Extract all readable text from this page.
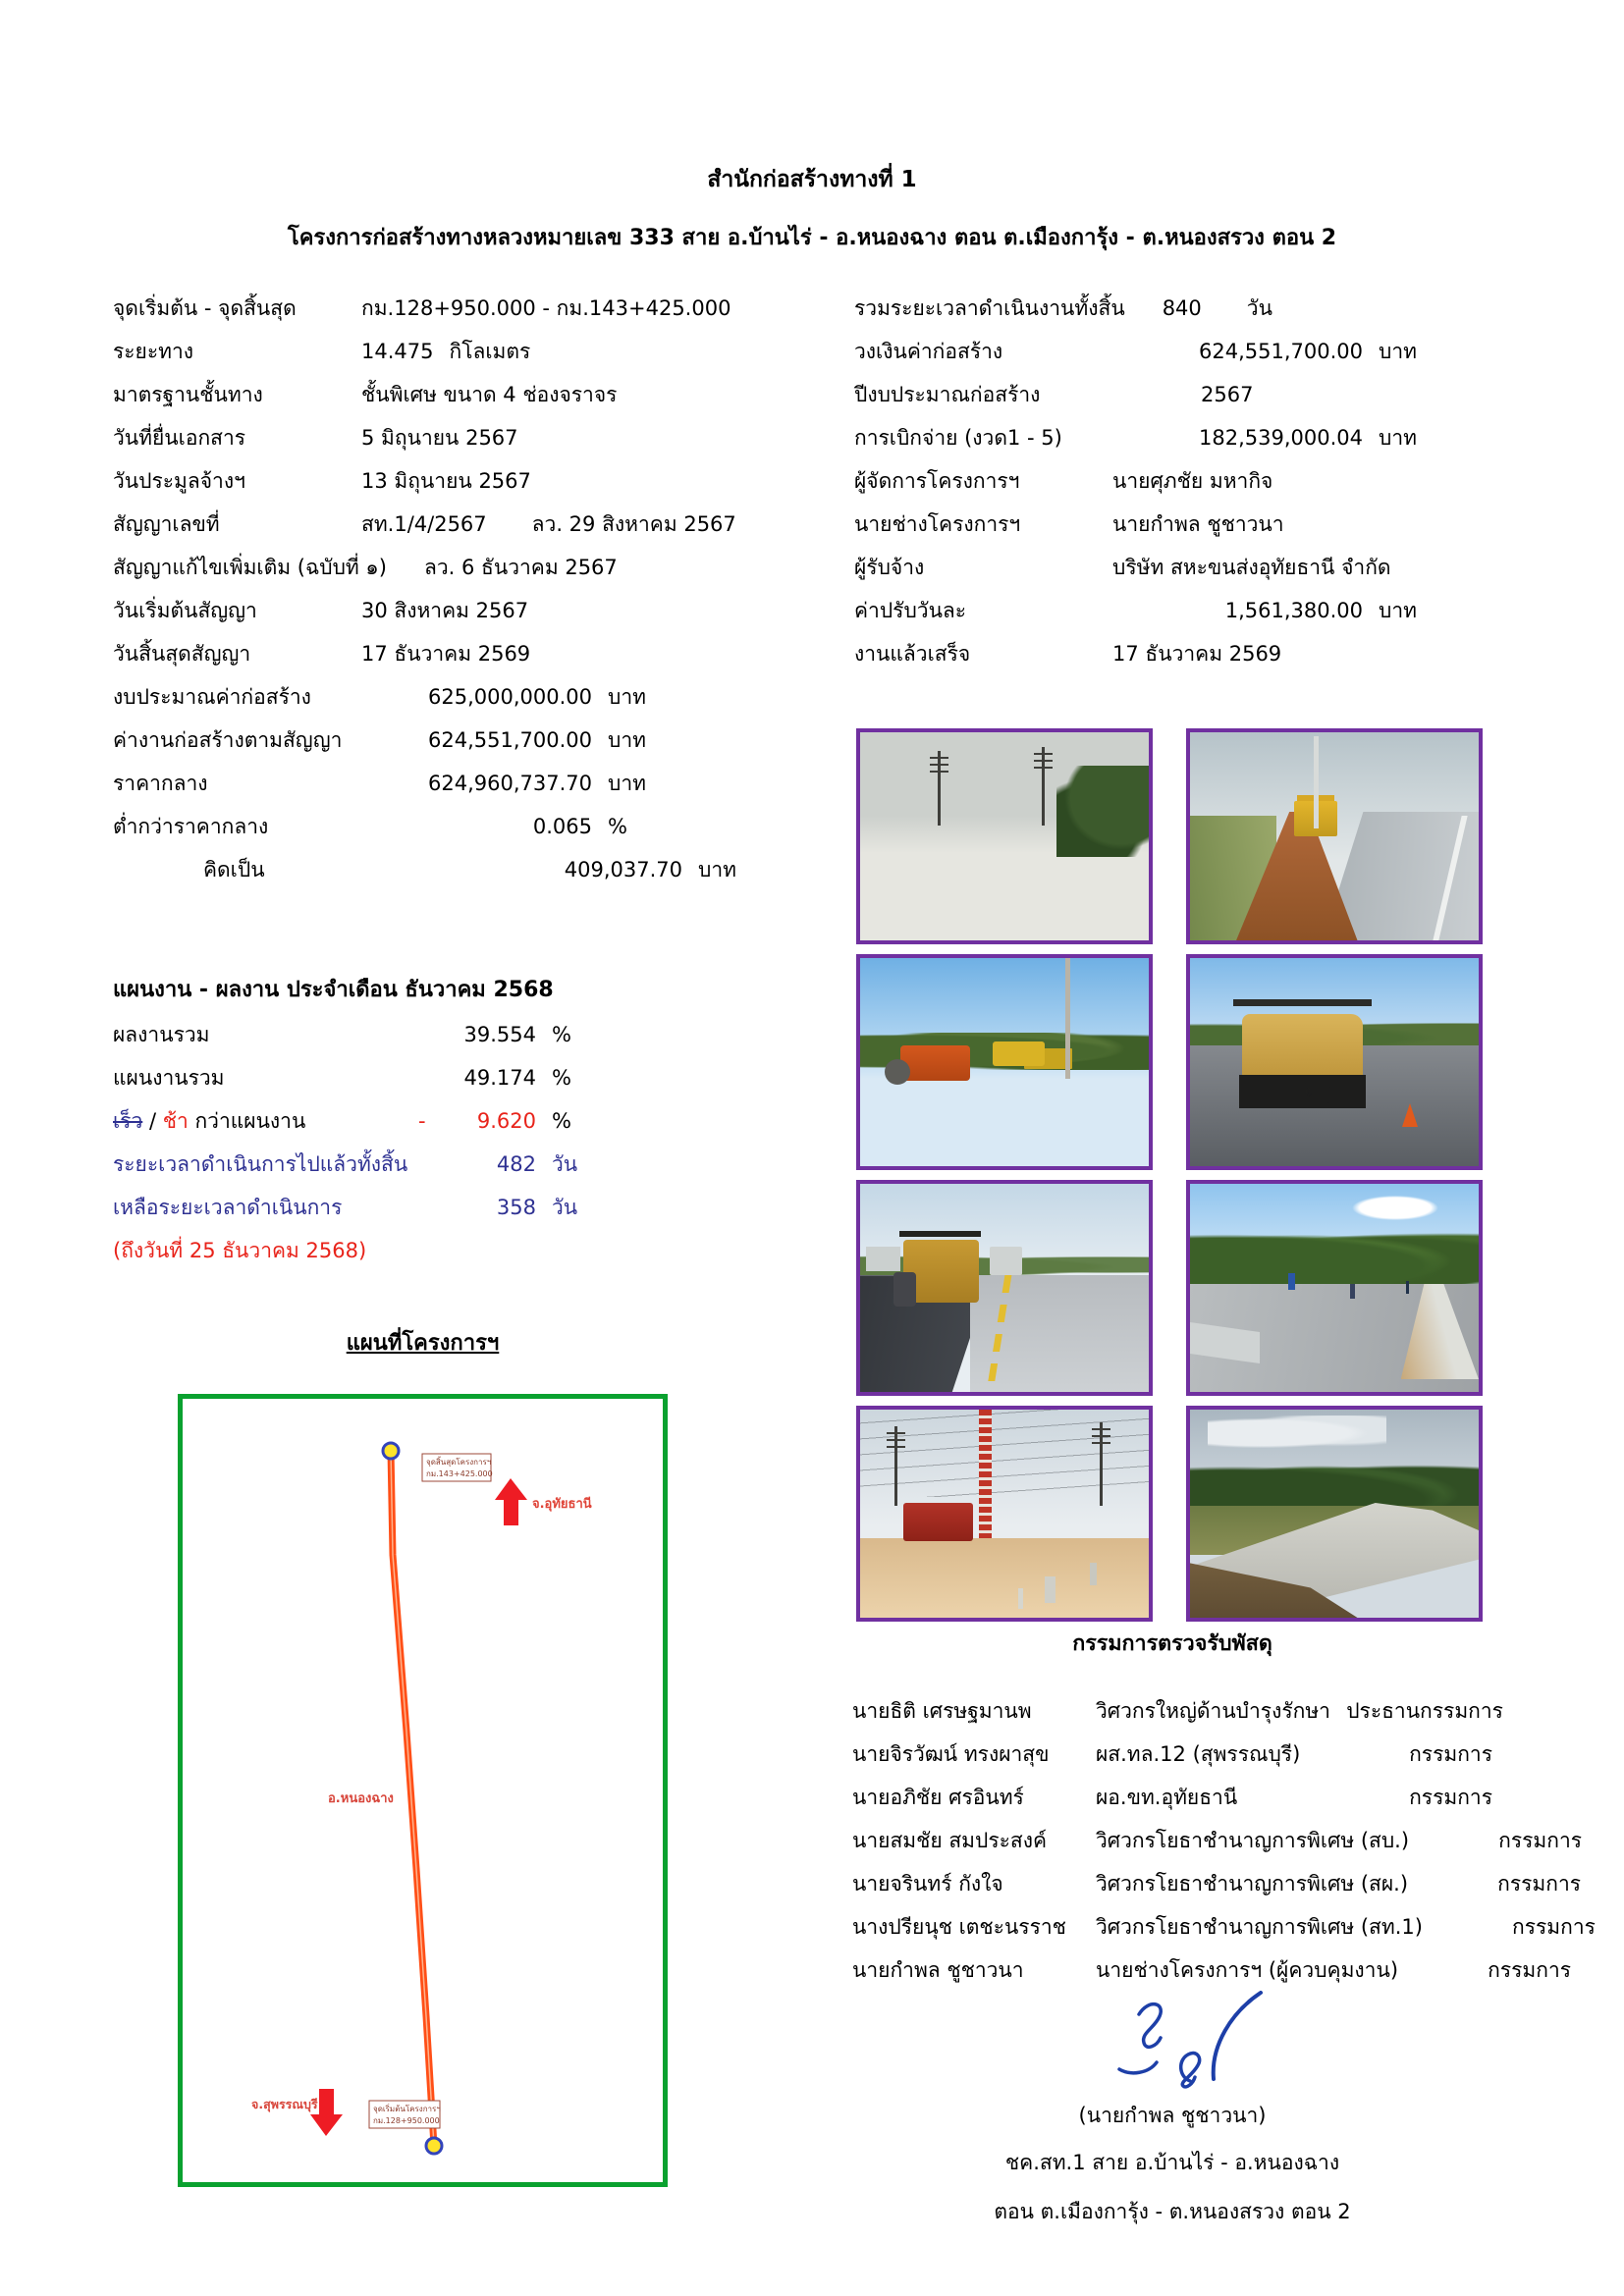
สำนักก่อสร้างทางที่ 1
โครงการก่อสร้างทางหลวงหมายเลข 333 สาย อ.บ้านไร่ - อ.หนองฉาง ตอน ต.เมืองการุ้ง - ต.หนองสรวง ตอน 2
จุดเริ่มต้น - จุดสิ้นสุด	กม.128+950.000 - กม.143+425.000
ระยะทาง	14.475 กิโลเมตร
มาตรฐานชั้นทาง	ชั้นพิเศษ ขนาด 4 ช่องจราจร
วันที่ยื่นเอกสาร	5 มิถุนายน 2567
วันประมูลจ้างฯ	13 มิถุนายน 2567
สัญญาเลขที่	สท.1/4/2567 ลว. 29 สิงหาคม 2567
สัญญาแก้ไขเพิ่มเติม (ฉบับที่ ๑)	ลว. 6 ธันวาคม 2567
วันเริ่มต้นสัญญา	30 สิงหาคม 2567
วันสิ้นสุดสัญญา	17 ธันวาคม 2569
งบประมาณค่าก่อสร้าง	625,000,000.00 บาท
ค่างานก่อสร้างตามสัญญา	624,551,700.00 บาท
ราคากลาง	624,960,737.70 บาท
ต่ำกว่าราคากลาง	0.065 %
คิดเป็น	409,037.70 บาท
รวมระยะเวลาดำเนินงานทั้งสิ้น	840 วัน
วงเงินค่าก่อสร้าง	624,551,700.00 บาท
ปีงบประมาณก่อสร้าง	2567
การเบิกจ่าย (งวด1 - 5)	182,539,000.04 บาท
ผู้จัดการโครงการฯ	นายศุภชัย มหากิจ
นายช่างโครงการฯ	นายกำพล ชูชาวนา
ผู้รับจ้าง	บริษัท สหะขนส่งอุทัยธานี จำกัด
ค่าปรับวันละ	1,561,380.00 บาท
งานแล้วเสร็จ	17 ธันวาคม 2569
แผนงาน - ผลงาน ประจำเดือน ธันวาคม 2568
ผลงานรวม	39.554 %
แผนงานรวม	49.174 %
เร็ว / ช้า กว่าแผนงาน	- 9.620 %
ระยะเวลาดำเนินการไปแล้วทั้งสิ้น	482 วัน
เหลือระยะเวลาดำเนินการ	358 วัน
(ถึงวันที่ 25 ธันวาคม 2568)
แผนที่โครงการฯ
จุดสิ้นสุดโครงการฯ
กม.143+425.000
จุดเริ่มต้นโครงการฯ
กม.128+950.000
จ.อุทัยธานี
อ.หนองฉาง
จ.สุพรรณบุรี
กรรมการตรวจรับพัสดุ
นายธิติ เศรษฐมานพ	วิศวกรใหญ่ด้านบำรุงรักษา ประธานกรรมการ
นายจิรวัฒน์ ทรงผาสุข	ผส.ทล.12 (สุพรรณบุรี)	กรรมการ
นายอภิชัย ศรอินทร์	ผอ.ขท.อุทัยธานี	กรรมการ
นายสมชัย สมประสงค์	วิศวกรโยธาชำนาญการพิเศษ (สบ.)	กรรมการ
นายจรินทร์ กังใจ	วิศวกรโยธาชำนาญการพิเศษ (สผ.)	กรรมการ
นางปรียนุช เตชะนรราช	วิศวกรโยธาชำนาญการพิเศษ (สท.1)	กรรมการ
นายกำพล ชูชาวนา	นายช่างโครงการฯ (ผู้ควบคุมงาน)	กรรมการ
(นายกำพล ชูชาวนา)
ชค.สท.1 สาย อ.บ้านไร่ - อ.หนองฉาง
ตอน ต.เมืองการุ้ง - ต.หนองสรวง ตอน 2
